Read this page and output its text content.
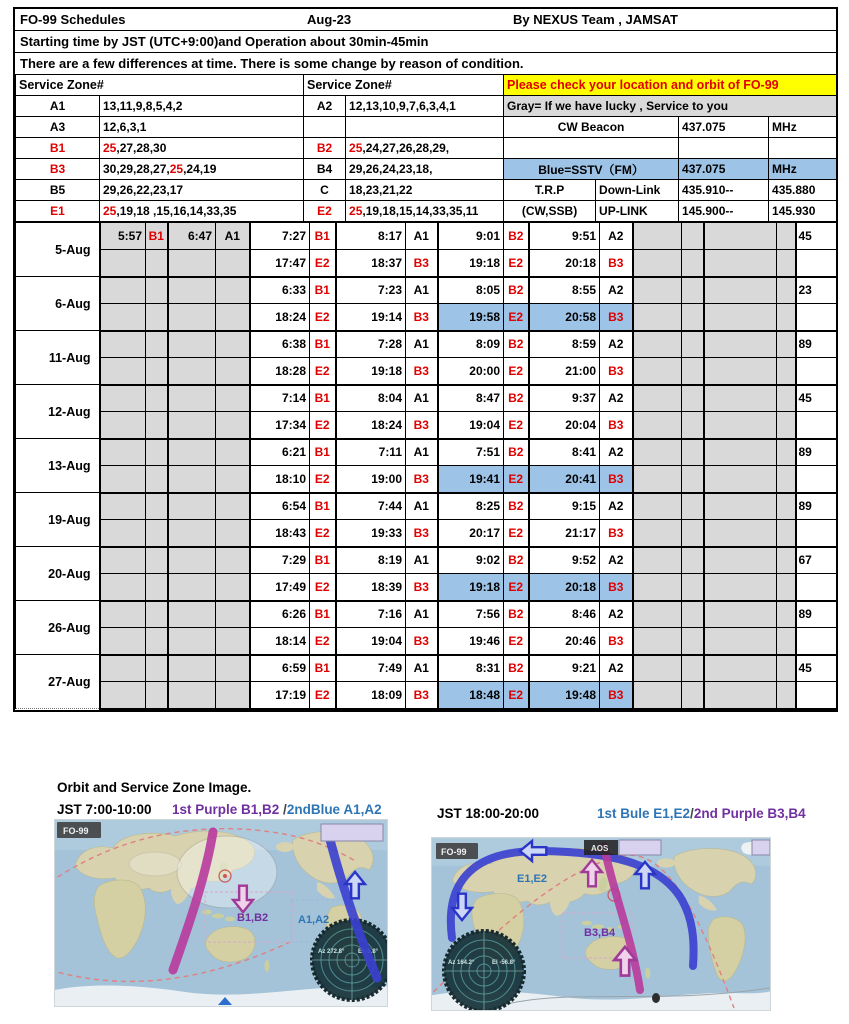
FO-99 Schedules	Aug-23	By NEXUS Team , JAMSAT
Starting time by JST (UTC+9:00)and Operation about 30min-45min
There are a few differences at time. There is some change by reason of condition.
Service Zone#		Service Zone#		Please check your location and orbit of FO-99			
A1	13,11,9,8,5,4,2	A2	12,13,10,9,7,6,3,4,1	Gray= If we have lucky , Service to you			
A3	12,6,3,1			CW Beacon		437.075	MHz
B1	25,27,28,30	B2	25,24,27,26,28,29,				
B3	30,29,28,27,25,24,19	B4	29,26,24,23,18,	Blue=SSTV（FM）		437.075	MHz
B5	29,26,22,23,17	C	18,23,21,22	T.R.P	Down-Link	435.910--	435.880
E1	25,19,18 ,15,16,14,33,35	E2	25,19,18,15,14,33,35,11	(CW,SSB)	UP-LINK	145.900--	145.930
5-Aug	5:57	B1	6:47	A1	7:27	B1	8:17	A1	9:01	B2	9:51	A2					45
					17:47	E2	18:37	B3	19:18	E2	20:18	B3					
6-Aug					6:33	B1	7:23	A1	8:05	B2	8:55	A2					23
					18:24	E2	19:14	B3	19:58	E2	20:58	B3					
11-Aug					6:38	B1	7:28	A1	8:09	B2	8:59	A2					89
					18:28	E2	19:18	B3	20:00	E2	21:00	B3					
12-Aug					7:14	B1	8:04	A1	8:47	B2	9:37	A2					45
					17:34	E2	18:24	B3	19:04	E2	20:04	B3					
13-Aug					6:21	B1	7:11	A1	7:51	B2	8:41	A2					89
					18:10	E2	19:00	B3	19:41	E2	20:41	B3					
19-Aug					6:54	B1	7:44	A1	8:25	B2	9:15	A2					89
					18:43	E2	19:33	B3	20:17	E2	21:17	B3					
20-Aug					7:29	B1	8:19	A1	9:02	B2	9:52	A2					67
					17:49	E2	18:39	B3	19:18	E2	20:18	B3					
26-Aug					6:26	B1	7:16	A1	7:56	B2	8:46	A2					89
					18:14	E2	19:04	B3	19:46	E2	20:46	B3					
27-Aug					6:59	B1	7:49	A1	8:31	B2	9:21	A2					45
					17:19	E2	18:09	B3	18:48	E2	19:48	B3					
Orbit and Service Zone Image.
JST 7:00-10:00 1st Purple B1,B2 /2ndBlue A1,A2	JST 18:00-20:00	1st Bule E1,E2/2nd Purple B3,B4
Az 272.8° El -5.8°
B1,B2	A1,A2
FO-99
Az 164.2°	El -56.8°
E1,E2
B3,B4
FO-99	AOS
